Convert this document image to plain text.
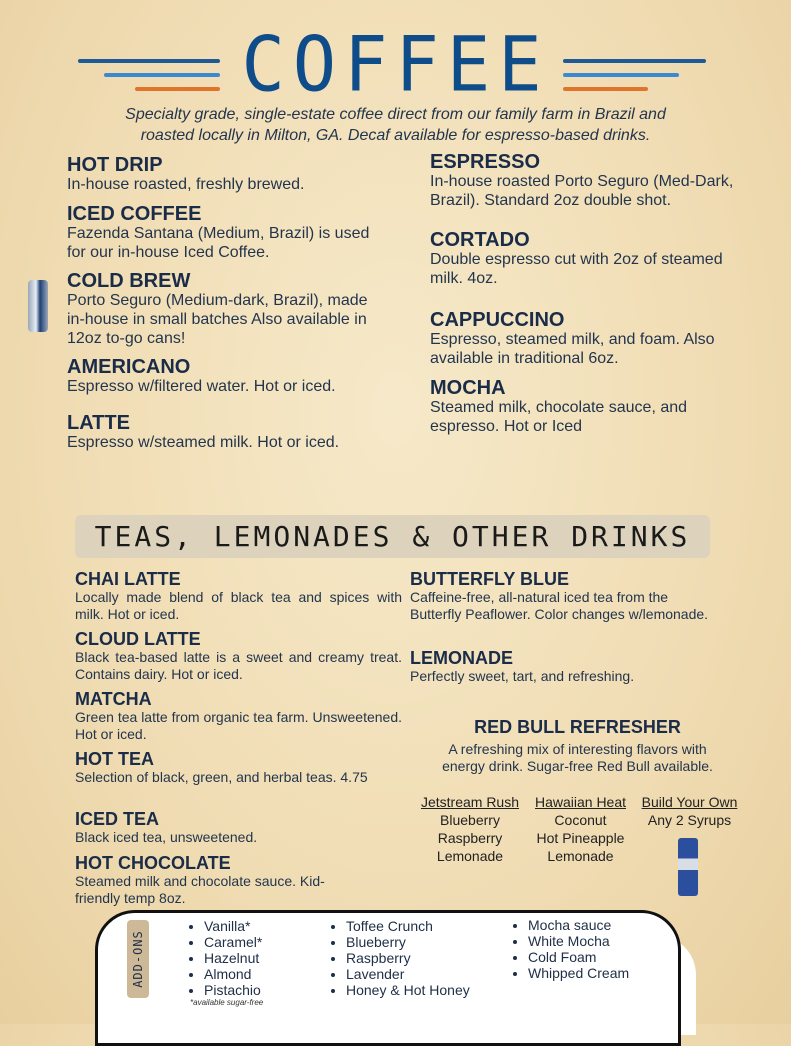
COFFEE
Specialty grade, single-estate coffee direct from our family farm in Brazil and
roasted locally in Milton, GA. Decaf available for espresso-based drinks.
HOT DRIP

In-house roasted, freshly brewed.

ICED COFFEE

Fazenda Santana (Medium, Brazil) is used for our in-house Iced Coffee.

COLD BREW

Porto Seguro (Medium-dark, Brazil), made in-house in small batches Also available in 12oz to-go cans!

AMERICANO

Espresso w/filtered water. Hot or iced.

LATTE

Espresso w/steamed milk. Hot or iced.

ESPRESSO

In-house roasted Porto Seguro (Med-Dark, Brazil). Standard 2oz double shot.

CORTADO

Double espresso cut with 2oz of steamed milk. 4oz.

CAPPUCCINO

Espresso, steamed milk, and foam. Also available in traditional 6oz.

MOCHA

Steamed milk, chocolate sauce, and espresso. Hot or Iced

TEAS, LEMONADES & OTHER DRINKS
CHAI LATTE

Locally made blend of black tea and spices with milk. Hot or iced.

CLOUD LATTE

Black tea-based latte is a sweet and creamy treat. Contains dairy. Hot or iced.

MATCHA

Green tea latte from organic tea farm. Unsweetened. Hot or iced.

HOT TEA

Selection of black, green, and herbal teas. 4.75

ICED TEA

Black iced tea, unsweetened.

HOT CHOCOLATE

Steamed milk and chocolate sauce. Kid-friendly temp 8oz.

BUTTERFLY BLUE

Caffeine-free, all-natural iced tea from the Butterfly Peaflower. Color changes w/lemonade.

LEMONADE

Perfectly sweet, tart, and refreshing.

RED BULL REFRESHER
A refreshing mix of interesting flavors with
energy drink. Sugar-free Red Bull available.
Jetstream Rush
Blueberry
Raspberry
Lemonade
Hawaiian Heat
Coconut
Hot Pineapple
Lemonade
Build Your Own
Any 2 Syrups
ADD-ONS
• Vanilla*
• Caramel*
• Hazelnut
• Almond
• Pistachio
*available sugar-free
• Toffee Crunch
• Blueberry
• Raspberry
• Lavender
• Honey & Hot Honey
• Mocha sauce
• White Mocha
• Cold Foam
• Whipped Cream
